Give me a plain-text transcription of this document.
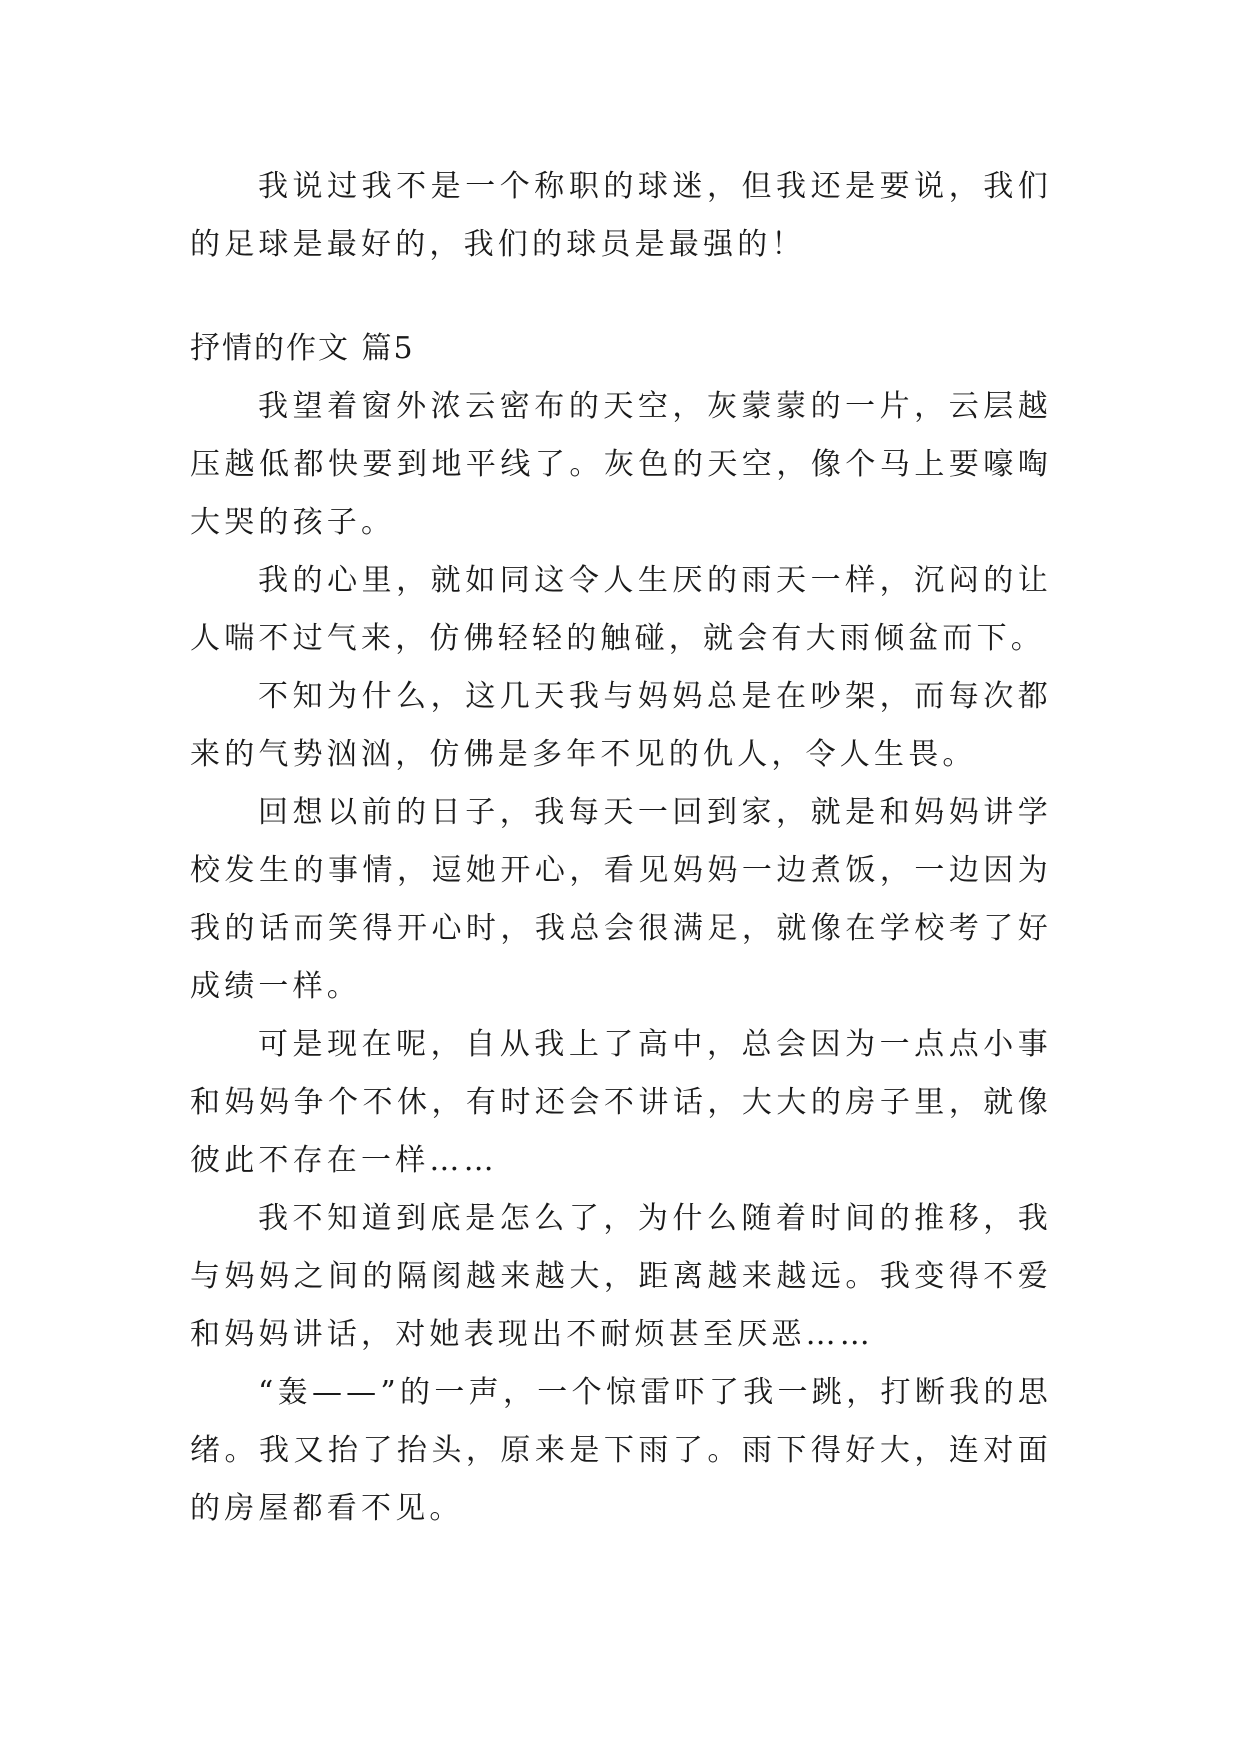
我说过我不是一个称职的球迷，但我还是要说，我们的足球是最好的，我们的球员是最强的！

抒情的作文 篇5

我望着窗外浓云密布的天空，灰蒙蒙的一片，云层越压越低都快要到地平线了。灰色的天空，像个马上要嚎啕大哭的孩子。

我的心里，就如同这令人生厌的雨天一样，沉闷的让人喘不过气来，仿佛轻轻的触碰，就会有大雨倾盆而下。

不知为什么，这几天我与妈妈总是在吵架，而每次都来的气势汹汹，仿佛是多年不见的仇人，令人生畏。

回想以前的日子，我每天一回到家，就是和妈妈讲学校发生的事情，逗她开心，看见妈妈一边煮饭，一边因为我的话而笑得开心时，我总会很满足，就像在学校考了好成绩一样。

可是现在呢，自从我上了高中，总会因为一点点小事和妈妈争个不休，有时还会不讲话，大大的房子里，就像彼此不存在一样……

我不知道到底是怎么了，为什么随着时间的推移，我与妈妈之间的隔阂越来越大，距离越来越远。我变得不爱和妈妈讲话，对她表现出不耐烦甚至厌恶……

“轰——”的一声，一个惊雷吓了我一跳，打断我的思绪。我又抬了抬头，原来是下雨了。雨下得好大，连对面的房屋都看不见。
